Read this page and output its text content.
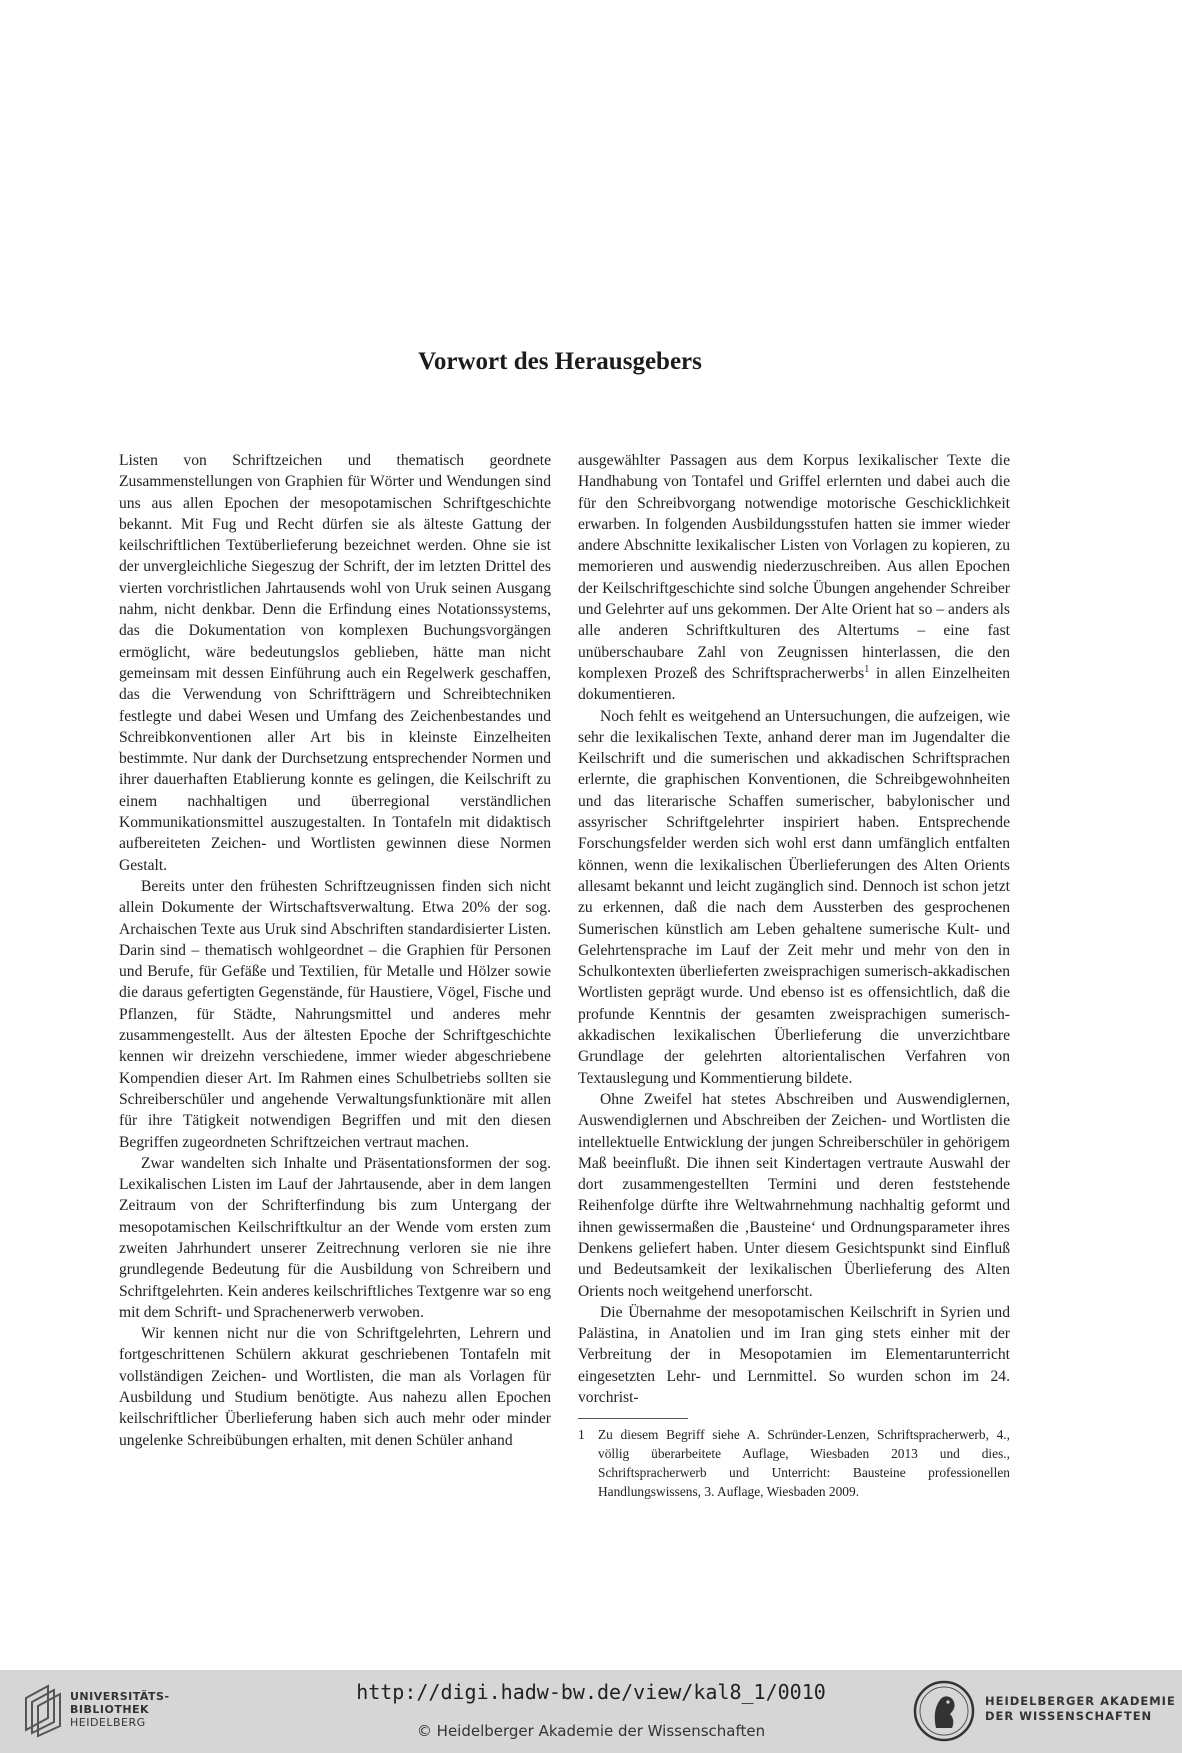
Vorwort des Herausgebers

Listen von Schriftzeichen und thematisch geordnete Zusammenstellungen von Graphien für Wörter und Wendungen sind uns aus allen Epochen der mesopotamischen Schriftgeschichte bekannt. Mit Fug und Recht dürfen sie als älteste Gattung der keilschriftlichen Textüberlieferung bezeichnet werden. Ohne sie ist der unvergleichliche Siegeszug der Schrift, der im letzten Drittel des vierten vorchristlichen Jahrtausends wohl von Uruk seinen Ausgang nahm, nicht denkbar. Denn die Erfindung eines Notationssystems, das die Dokumentation von komplexen Buchungsvorgängen ermöglicht, wäre bedeutungslos geblieben, hätte man nicht gemeinsam mit dessen Einführung auch ein Regelwerk geschaffen, das die Verwendung von Schriftträgern und Schreibtechniken festlegte und dabei Wesen und Umfang des Zeichenbestandes und Schreibkonventionen aller Art bis in kleinste Einzelheiten bestimmte. Nur dank der Durchsetzung entsprechender Normen und ihrer dauerhaften Etablierung konnte es gelingen, die Keilschrift zu einem nachhaltigen und überregional verständlichen Kommunikationsmittel auszugestalten. In Tontafeln mit didaktisch aufbereiteten Zeichen- und Wortlisten gewinnen diese Normen Gestalt.

Bereits unter den frühesten Schriftzeugnissen finden sich nicht allein Dokumente der Wirtschaftsverwaltung. Etwa 20% der sog. Archaischen Texte aus Uruk sind Abschriften standardisierter Listen. Darin sind – thematisch wohlgeordnet – die Graphien für Personen und Berufe, für Gefäße und Textilien, für Metalle und Hölzer sowie die daraus gefertigten Gegenstände, für Haustiere, Vögel, Fische und Pflanzen, für Städte, Nahrungsmittel und anderes mehr zusammengestellt. Aus der ältesten Epoche der Schriftgeschichte kennen wir dreizehn verschiedene, immer wieder abgeschriebene Kompendien dieser Art. Im Rahmen eines Schulbetriebs sollten sie Schreiberschüler und angehende Verwaltungsfunktionäre mit allen für ihre Tätigkeit notwendigen Begriffen und mit den diesen Begriffen zugeordneten Schriftzeichen vertraut machen.

Zwar wandelten sich Inhalte und Präsentationsformen der sog. Lexikalischen Listen im Lauf der Jahrtausende, aber in dem langen Zeitraum von der Schrifterfindung bis zum Untergang der mesopotamischen Keilschriftkultur an der Wende vom ersten zum zweiten Jahrhundert unserer Zeitrechnung verloren sie nie ihre grundlegende Bedeutung für die Ausbildung von Schreibern und Schriftgelehrten. Kein anderes keilschriftliches Textgenre war so eng mit dem Schrift- und Sprachenerwerb verwoben.

Wir kennen nicht nur die von Schriftgelehrten, Lehrern und fortgeschrittenen Schülern akkurat geschriebenen Tontafeln mit vollständigen Zeichen- und Wortlisten, die man als Vorlagen für Ausbildung und Studium benötigte. Aus nahezu allen Epochen keilschriftlicher Überlieferung haben sich auch mehr oder minder ungelenke Schreibübungen erhalten, mit denen Schüler anhand

ausgewählter Passagen aus dem Korpus lexikalischer Texte die Handhabung von Tontafel und Griffel erlernten und dabei auch die für den Schreibvorgang notwendige motorische Geschicklichkeit erwarben. In folgenden Ausbildungsstufen hatten sie immer wieder andere Abschnitte lexikalischer Listen von Vorlagen zu kopieren, zu memorieren und auswendig niederzuschreiben. Aus allen Epochen der Keilschriftgeschichte sind solche Übungen angehender Schreiber und Gelehrter auf uns gekommen. Der Alte Orient hat so – anders als alle anderen Schriftkulturen des Altertums – eine fast unüberschaubare Zahl von Zeugnissen hinterlassen, die den komplexen Prozeß des Schriftspracherwerbs$^1$ in allen Einzelheiten dokumentieren.

Noch fehlt es weitgehend an Untersuchungen, die aufzeigen, wie sehr die lexikalischen Texte, anhand derer man im Jugendalter die Keilschrift und die sumerischen und akkadischen Schriftsprachen erlernte, die graphischen Konventionen, die Schreibgewohnheiten und das literarische Schaffen sumerischer, babylonischer und assyrischer Schriftgelehrter inspiriert haben. Entsprechende Forschungsfelder werden sich wohl erst dann umfänglich entfalten können, wenn die lexikalischen Überlieferungen des Alten Orients allesamt bekannt und leicht zugänglich sind. Dennoch ist schon jetzt zu erkennen, daß die nach dem Aussterben des gesprochenen Sumerischen künstlich am Leben gehaltene sumerische Kult- und Gelehrtensprache im Lauf der Zeit mehr und mehr von den in Schulkontexten überlieferten zweisprachigen sumerisch-akkadischen Wortlisten geprägt wurde. Und ebenso ist es offensichtlich, daß die profunde Kenntnis der gesamten zweisprachigen sumerisch-akkadischen lexikalischen Überlieferung die unverzichtbare Grundlage der gelehrten altorientalischen Verfahren von Textauslegung und Kommentierung bildete.

Ohne Zweifel hat stetes Abschreiben und Auswendiglernen, Auswendiglernen und Abschreiben der Zeichen- und Wortlisten die intellektuelle Entwicklung der jungen Schreiberschüler in gehörigem Maß beeinflußt. Die ihnen seit Kindertagen vertraute Auswahl der dort zusammengestellten Termini und deren feststehende Reihenfolge dürfte ihre Weltwahrnehmung nachhaltig geformt und ihnen gewissermaßen die ‚Bausteine‘ und Ordnungsparameter ihres Denkens geliefert haben. Unter diesem Gesichtspunkt sind Einfluß und Bedeutsamkeit der lexikalischen Überlieferung des Alten Orients noch weitgehend unerforscht.

Die Übernahme der mesopotamischen Keilschrift in Syrien und Palästina, in Anatolien und im Iran ging stets einher mit der Verbreitung der in Mesopotamien im Elementarunterricht eingesetzten Lehr- und Lernmittel. So wurden schon im 24. vorchrist-

1 Zu diesem Begriff siehe A. Schründer-Lenzen, Schriftspracherwerb, 4., völlig überarbeitete Auflage, Wiesbaden 2013 und dies., Schriftspracherwerb und Unterricht: Bausteine professionellen Handlungswissens, 3. Auflage, Wiesbaden 2009.
UNIVERSITÄTS-
BIBLIOTHEK
HEIDELBERG
http://digi.hadw-bw.de/view/kal8_1/0010
© Heidelberger Akademie der Wissenschaften
HEIDELBERGER AKADEMIE
DER WISSENSCHAFTEN
